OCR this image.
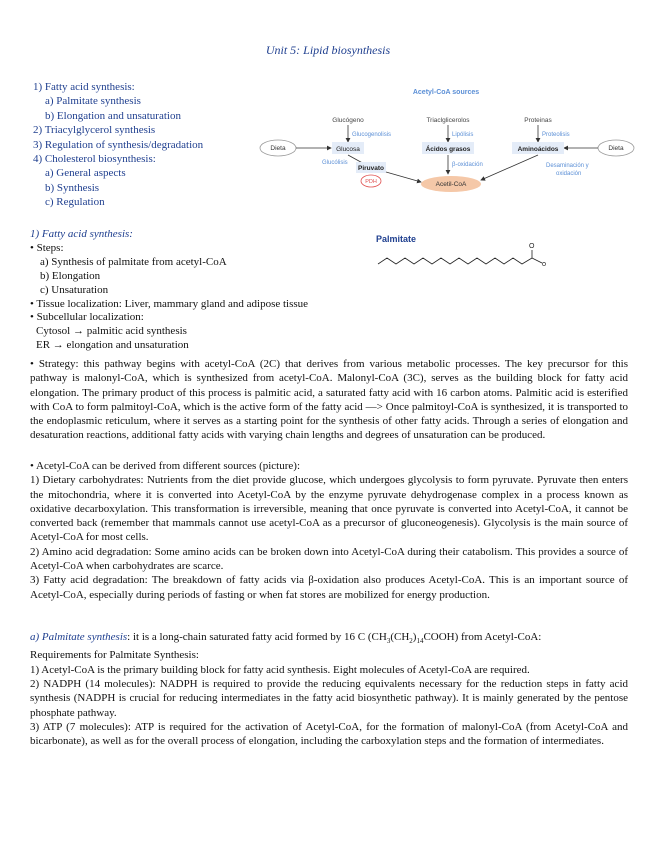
Unit 5: Lipid biosynthesis
1) Fatty acid synthesis:
a) Palmitate synthesis
b) Elongation and unsaturation
2) Triacylglycerol synthesis
3) Regulation of synthesis/degradation
4) Cholesterol biosynthesis:
a) General aspects
b) Synthesis
c) Regulation
Acetyl-CoA sources
Glucógeno	Triaclglicerolos	Proteinas
Glucogenolisis	Lipólisis	Proteolisis
Dieta	Dieta
Glucosa	Ácidos grasos	Aminoácidos
Glucólisis
Piruvato
PDH
β-oxidación	Desaminación y
oxidación
Acetil-CoA
1) Fatty acid synthesis:
• Steps:
a) Synthesis of palmitate from acetyl-CoA
b) Elongation
c) Unsaturation
• Tissue localization: Liver, mammary gland and adipose tissue
• Subcellular localization:
Cytosol → palmitic acid synthesis
ER → elongation and unsaturation
Palmitate
O
• Strategy: this pathway begins with acetyl-CoA (2C) that derives from various metabolic processes. The key precursor for this pathway is malonyl-CoA, which is synthesized from acetyl-CoA. Malonyl-CoA (3C), serves as the building block for fatty acid elongation. The primary product of this process is palmitic acid, a saturated fatty acid with 16 carbon atoms. Palmitic acid is esterified with CoA to form palmitoyl-CoA, which is the active form of the fatty acid —> Once palmitoyl-CoA is synthesized, it is transported to the endoplasmic reticulum, where it serves as a starting point for the synthesis of other fatty acids. Through a series of elongation and desaturation reactions, additional fatty acids with varying chain lengths and degrees of unsaturation can be produced.
• Acetyl-CoA can be derived from different sources (picture):
1) Dietary carbohydrates: Nutrients from the diet provide glucose, which undergoes glycolysis to form pyruvate. Pyruvate then enters the mitochondria, where it is converted into Acetyl-CoA by the enzyme pyruvate dehydrogenase complex in a process known as oxidative decarboxylation. This transformation is irreversible, meaning that once pyruvate is converted into Acetyl-CoA, it cannot be converted back (remember that mammals cannot use acetyl-CoA as a precursor of gluconeogenesis). Glycolysis is the main source of Acetyl-CoA for most cells.
2) Amino acid degradation: Some amino acids can be broken down into Acetyl-CoA during their catabolism. This provides a source of Acetyl-CoA when carbohydrates are scarce.
3) Fatty acid degradation: The breakdown of fatty acids via β-oxidation also produces Acetyl-CoA. This is an important source of Acetyl-CoA, especially during periods of fasting or when fat stores are mobilized for energy production.
a) Palmitate synthesis: it is a long-chain saturated fatty acid formed by 16 C $(CH_3(CH_2)_{14}COOH)$ from Acetyl-CoA:
Requirements for Palmitate Synthesis:
1) Acetyl-CoA is the primary building block for fatty acid synthesis. Eight molecules of Acetyl-CoA are required.
2) NADPH (14 molecules): NADPH is required to provide the reducing equivalents necessary for the reduction steps in fatty acid synthesis (NADPH is crucial for reducing intermediates in the fatty acid biosynthetic pathway). It is mainly generated by the pentose phosphate pathway.
3) ATP (7 molecules): ATP is required for the activation of Acetyl-CoA, for the formation of malonyl-CoA (from Acetyl-CoA and bicarbonate), as well as for the overall process of elongation, including the carboxylation steps and the formation of intermediates.
